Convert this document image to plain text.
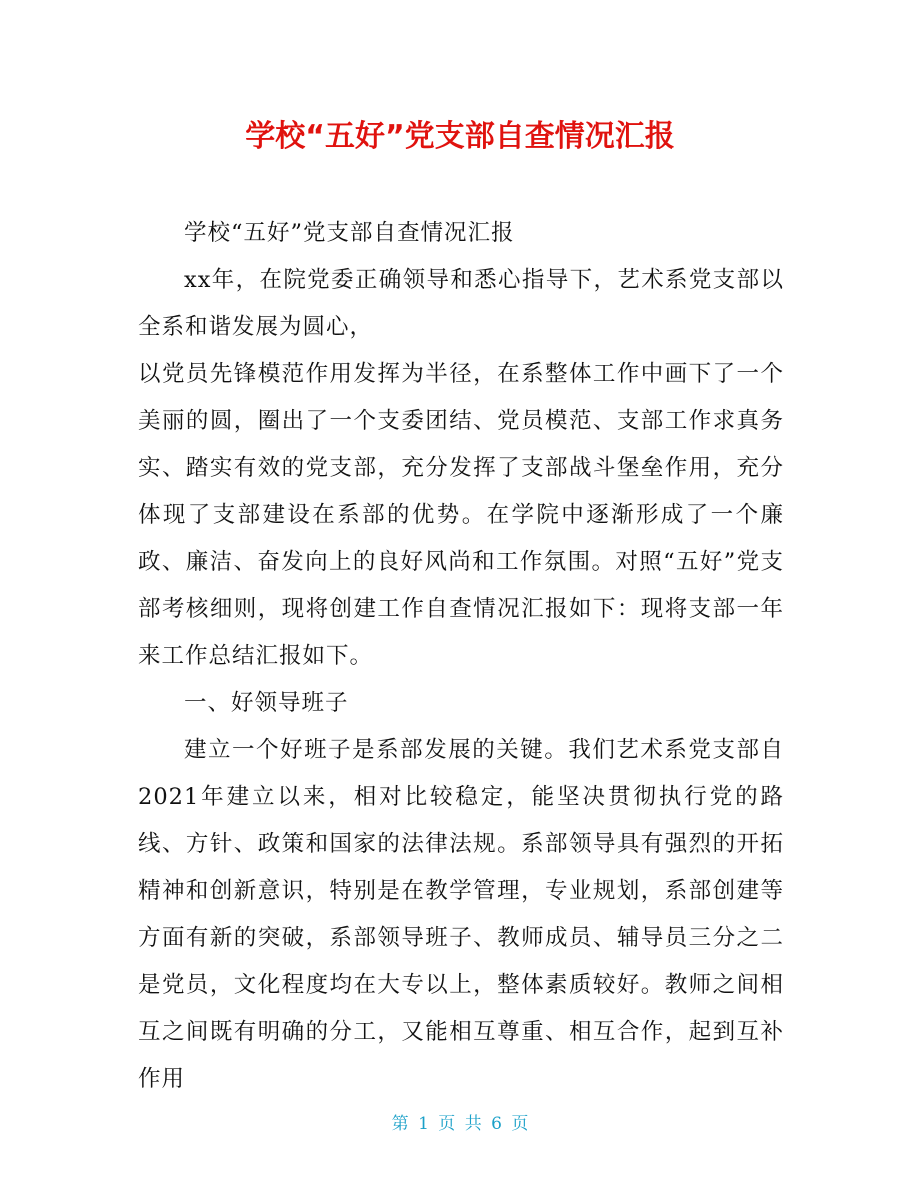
学校“五好”党支部自查情况汇报

学校“五好”党支部自查情况汇报

xx年，在院党委正确领导和悉心指导下，艺术系党支部以全系和谐发展为圆心，

以党员先锋模范作用发挥为半径，在系整体工作中画下了一个美丽的圆，圈出了一个支委团结、党员模范、支部工作求真务实、踏实有效的党支部，充分发挥了支部战斗堡垒作用，充分体现了支部建设在系部的优势。在学院中逐渐形成了一个廉政、廉洁、奋发向上的良好风尚和工作氛围。对照“五好”党支部考核细则，现将创建工作自查情况汇报如下：现将支部一年来工作总结汇报如下。

一、好领导班子

建立一个好班子是系部发展的关键。我们艺术系党支部自2021年建立以来，相对比较稳定，能坚决贯彻执行党的路线、方针、政策和国家的法律法规。系部领导具有强烈的开拓精神和创新意识，特别是在教学管理，专业规划，系部创建等方面有新的突破，系部领导班子、教师成员、辅导员三分之二是党员，文化程度均在大专以上，整体素质较好。教师之间相互之间既有明确的分工，又能相互尊重、相互合作，起到互补作用

第 1 页 共 6 页
